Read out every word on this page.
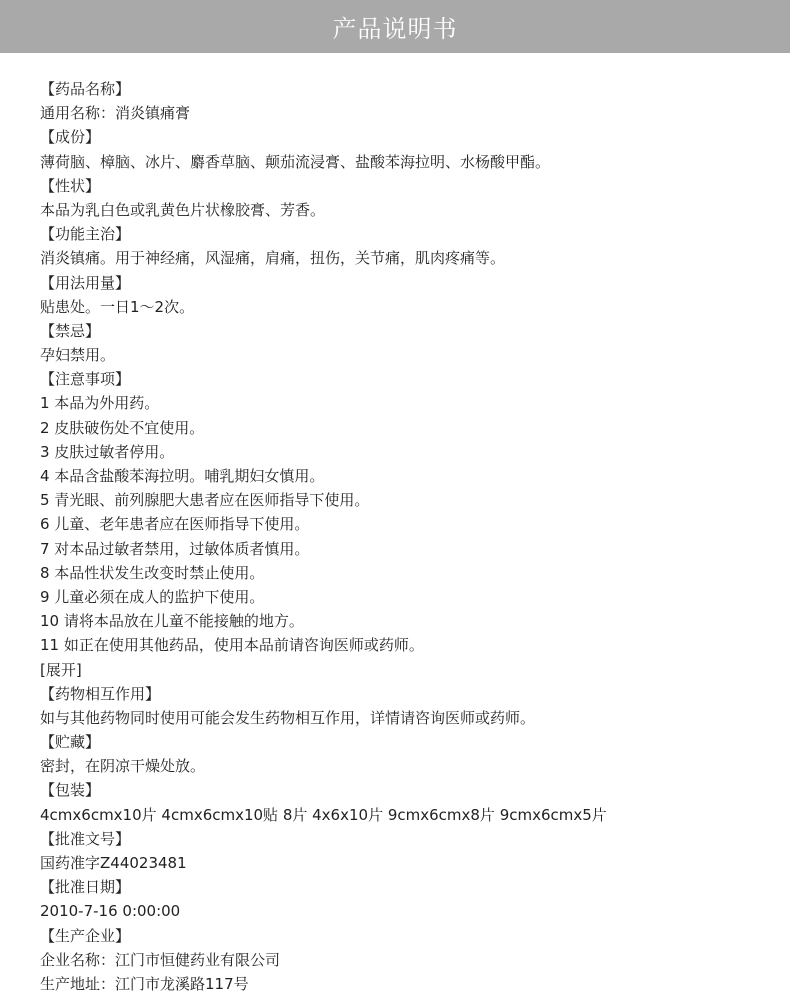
产品说明书
【药品名称】
通用名称：消炎镇痛膏
【成份】
薄荷脑、樟脑、冰片、麝香草脑、颠茄流浸膏、盐酸苯海拉明、水杨酸甲酯。
【性状】
本品为乳白色或乳黄色片状橡胶膏、芳香。
【功能主治】
消炎镇痛。用于神经痛，风湿痛，肩痛，扭伤，关节痛，肌肉疼痛等。
【用法用量】
贴患处。一日1～2次。
【禁忌】
孕妇禁用。
【注意事项】
1 本品为外用药。
2 皮肤破伤处不宜使用。
3 皮肤过敏者停用。
4 本品含盐酸苯海拉明。哺乳期妇女慎用。
5 青光眼、前列腺肥大患者应在医师指导下使用。
6 儿童、老年患者应在医师指导下使用。
7 对本品过敏者禁用，过敏体质者慎用。
8 本品性状发生改变时禁止使用。
9 儿童必须在成人的监护下使用。
10 请将本品放在儿童不能接触的地方。
11 如正在使用其他药品，使用本品前请咨询医师或药师。
[展开]
【药物相互作用】
如与其他药物同时使用可能会发生药物相互作用，详情请咨询医师或药师。
【贮藏】
密封，在阴凉干燥处放。
【包装】
4cmx6cmx10片 4cmx6cmx10贴 8片 4x6x10片 9cmx6cmx8片 9cmx6cmx5片
【批准文号】
国药准字Z44023481
【批准日期】
2010-7-16 0:00:00
【生产企业】
企业名称：江门市恒健药业有限公司
生产地址：江门市龙溪路117号
